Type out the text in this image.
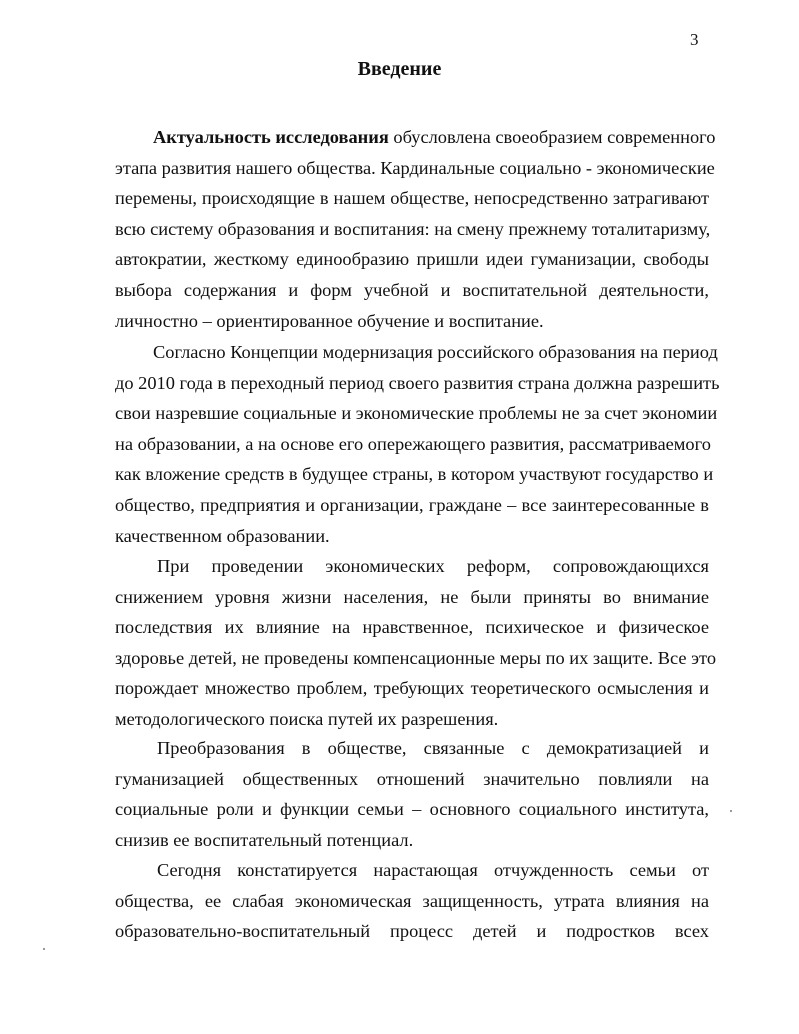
3
Введение
Актуальность исследования обусловлена своеобразием современного
этапа развития нашего общества. Кардинальные социально - экономические
перемены, происходящие в нашем обществе, непосредственно затрагивают
всю систему образования и воспитания: на смену прежнему тоталитаризму,
автократии, жесткому единообразию пришли идеи гуманизации, свободы
выбора содержания и форм учебной и воспитательной деятельности,
личностно – ориентированное обучение и воспитание.
Согласно Концепции модернизация российского образования на период
до 2010 года в переходный период своего развития страна должна разрешить
свои назревшие социальные и экономические проблемы не за счет экономии
на образовании, а на основе его опережающего развития, рассматриваемого
как вложение средств в будущее страны, в котором участвуют государство и
общество, предприятия и организации, граждане – все заинтересованные в
качественном образовании.
При проведении экономических реформ, сопровождающихся
снижением уровня жизни населения, не были приняты во внимание
последствия их влияние на нравственное, психическое и физическое
здоровье детей, не проведены компенсационные меры по их защите. Все это
порождает множество проблем, требующих теоретического осмысления и
методологического поиска путей их разрешения.
Преобразования в обществе, связанные с демократизацией и
гуманизацией общественных отношений значительно повлияли на
социальные роли и функции семьи – основного социального института,
снизив ее воспитательный потенциал.
Сегодня констатируется нарастающая отчужденность семьи от
общества, ее слабая экономическая защищенность, утрата влияния на
образовательно-воспитательный процесс детей и подростков всех
